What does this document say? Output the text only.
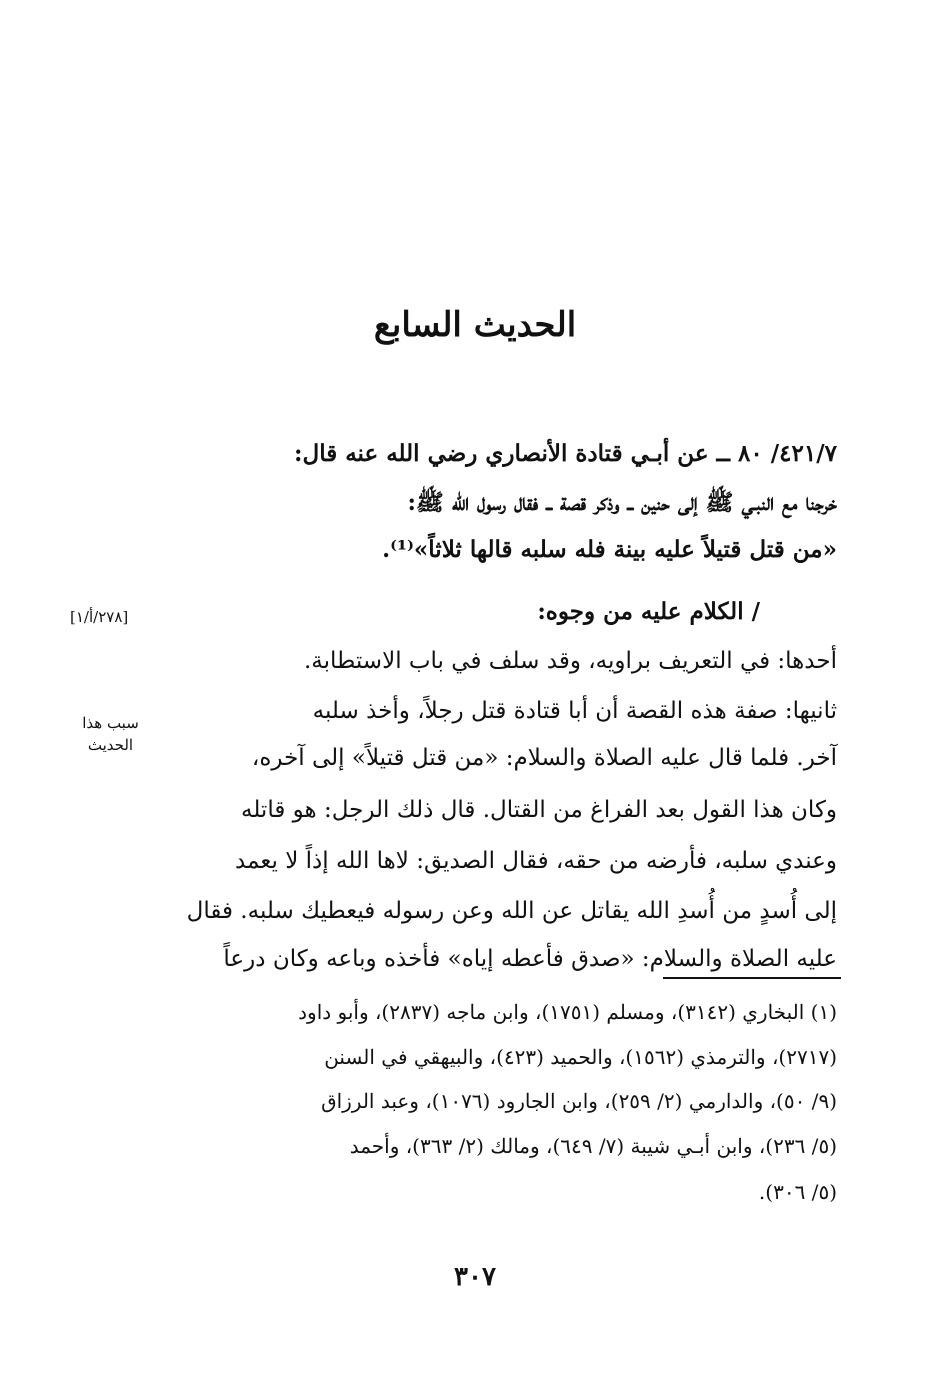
الحديث السابع
٤٢١/٧/ ٨٠ ــ عن أبـي قتادة الأنصاري رضي الله عنه قال:
خرجنا مع النبـي ﷺ إلى حنين ــ وذكر قصة ــ فقال رسول الله ﷺ:
«من قتل قتيلاً عليه بينة فله سلبه قالها ثلاثاً»⁽¹⁾.
[٢٧٨/أ/١]	/ الكلام عليه من وجوه:
أحدها: في التعريف براويه، وقد سلف في باب الاستطابة.
ثانيها: صفة هذه القصة أن أبا قتادة قتل رجلاً، وأخذ سلبه
سبب هذا
الحديث	آخر. فلما قال عليه الصلاة والسلام: «من قتل قتيلاً» إلى آخره،
وكان هذا القول بعد الفراغ من القتال. قال ذلك الرجل: هو قاتله
وعندي سلبه، فأرضه من حقه، فقال الصديق: لاها الله إذاً لا يعمد
إلى أُسدٍ من أُسدِ الله يقاتل عن الله وعن رسوله فيعطيك سلبه. فقال
عليه الصلاة والسلام: «صدق فأعطه إياه» فأخذه وباعه وكان درعاً
(١) البخاري (٣١٤٢)، ومسلم (١٧٥١)، وابن ماجه (٢٨٣٧)، وأبو داود
(٢٧١٧)، والترمذي (١٥٦٢)، والحميد (٤٢٣)، والبيهقي في السنن
(٩/ ٥٠)، والدارمي (٢/ ٢٥٩)، وابن الجارود (١٠٧٦)، وعبد الرزاق
(٥/ ٢٣٦)، وابن أبـي شيبة (٧/ ٦٤٩)، ومالك (٢/ ٣٦٣)، وأحمد
(٥/ ٣٠٦).
٣٠٧
